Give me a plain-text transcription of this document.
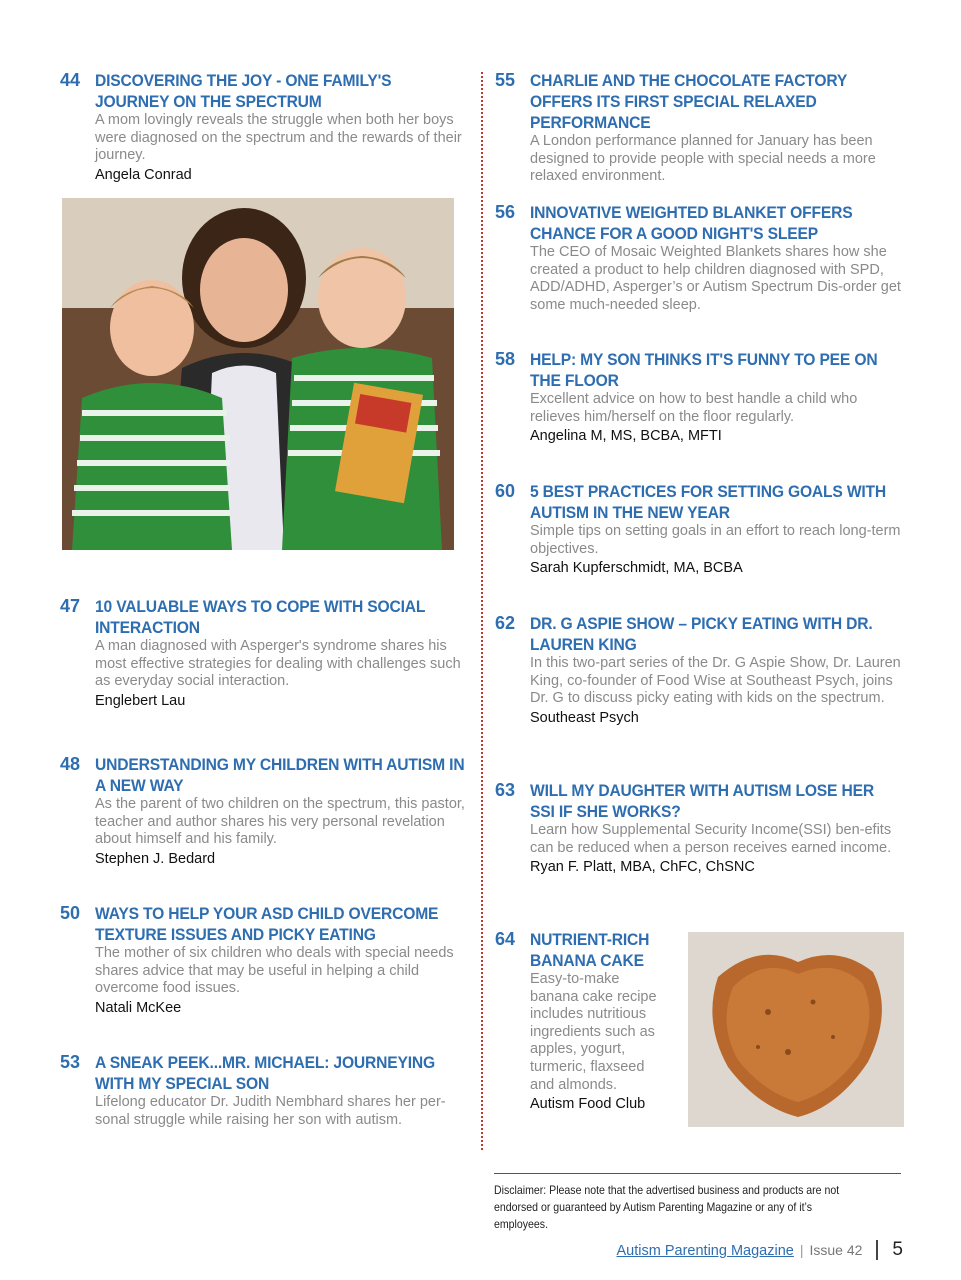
44 DISCOVERING THE JOY - ONE FAMILY'S JOURNEY ON THE SPECTRUM
A mom lovingly reveals the struggle when both her boys were diagnosed on the spectrum and the rewards of their journey.
Angela Conrad
47 10 VALUABLE WAYS TO COPE WITH SOCIAL INTERACTION
A man diagnosed with Asperger's syndrome shares his most effective strategies for dealing with challenges such as everyday social interaction.
Englebert Lau
48 UNDERSTANDING MY CHILDREN WITH AUTISM IN A NEW WAY
As the parent of two children on the spectrum, this pastor, teacher and author shares his very personal revelation about himself and his family.
Stephen J. Bedard
50 WAYS TO HELP YOUR ASD CHILD OVERCOME TEXTURE ISSUES AND PICKY EATING
The mother of six children who deals with special needs shares advice that may be useful in helping a child overcome food issues.
Natali McKee
53 A SNEAK PEEK...MR. MICHAEL: JOURNEYING WITH MY SPECIAL SON
Lifelong educator Dr. Judith Nembhard shares her per-sonal struggle while raising her son with autism.
55 CHARLIE AND THE CHOCOLATE FACTORY OFFERS ITS FIRST SPECIAL RELAXED PERFORMANCE
A London performance planned for January has been designed to provide people with special needs a more relaxed environment.
56 INNOVATIVE WEIGHTED BLANKET OFFERS CHANCE FOR A GOOD NIGHT'S SLEEP
The CEO of Mosaic Weighted Blankets shares how she created a product to help children diagnosed with SPD, ADD/ADHD, Asperger’s or Autism Spectrum Dis-order get some much-needed sleep.
58 HELP: MY SON THINKS IT'S FUNNY TO PEE ON THE FLOOR
Excellent advice on how to best handle a child who relieves him/herself on the floor regularly.
Angelina M, MS, BCBA, MFTI
60 5 BEST PRACTICES FOR SETTING GOALS WITH AUTISM IN THE NEW YEAR
Simple tips on setting goals in an effort to reach long-term objectives.
Sarah Kupferschmidt, MA, BCBA
62 DR. G ASPIE SHOW – PICKY EATING WITH DR. LAUREN KING
In this two-part series of the Dr. G Aspie Show, Dr. Lauren King, co-founder of Food Wise at Southeast Psych, joins Dr. G to discuss picky eating with kids on the spectrum.
Southeast Psych
63 WILL MY DAUGHTER WITH AUTISM LOSE HER SSI IF SHE WORKS?
Learn how Supplemental Security Income(SSI) ben-efits can be reduced when a person receives earned income.
Ryan F. Platt, MBA, ChFC, ChSNC
64 NUTRIENT-RICH BANANA CAKE
Easy-to-make banana cake recipe includes nutritious ingredients such as apples, yogurt, turmeric, flaxseed and almonds.
Autism Food Club
Disclaimer: Please note that the advertised business and products are not endorsed or guaranteed by Autism Parenting Magazine or any of it’s employees.
Autism Parenting Magazine | Issue 42 5
